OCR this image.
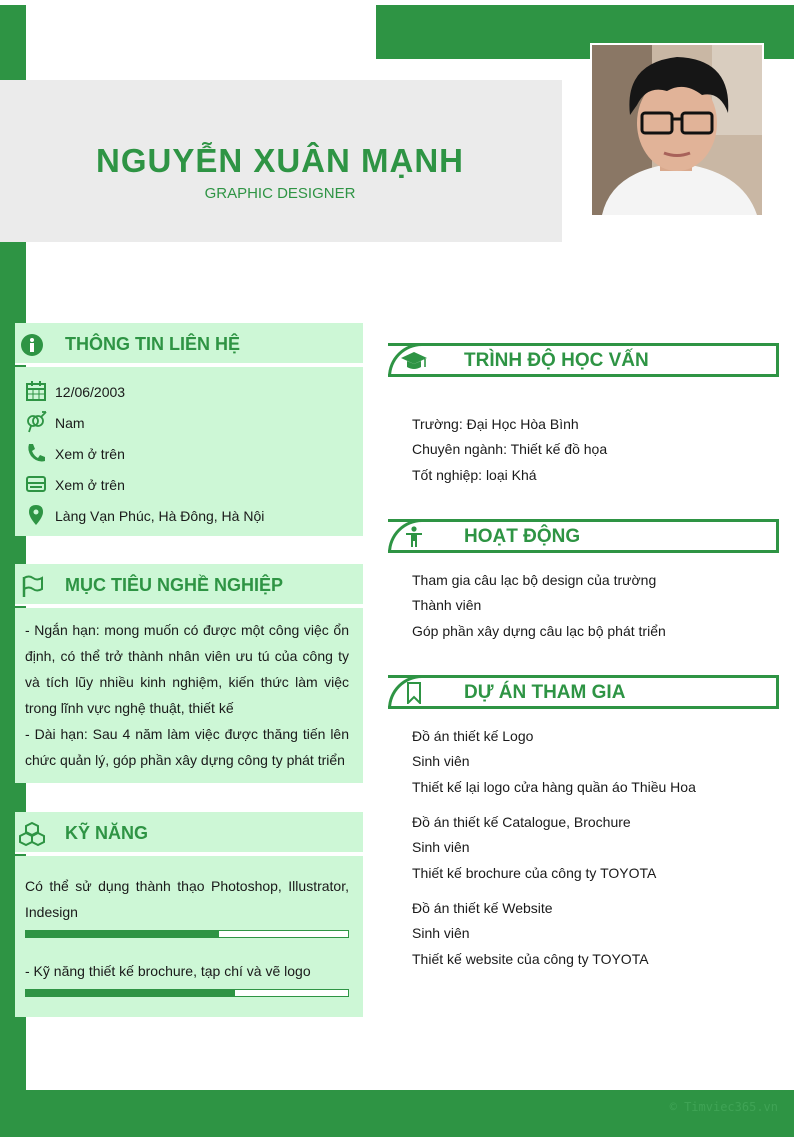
© Timviec365.vn
NGUYỄN XUÂN MẠNH
GRAPHIC DESIGNER
THÔNG TIN LIÊN HỆ
12/06/2003
Nam
Xem ở trên
Xem ở trên
Làng Vạn Phúc, Hà Đông, Hà Nội
MỤC TIÊU NGHỀ NGHIỆP
- Ngắn hạn: mong muốn có được một công việc ổn định, có thể trở thành nhân viên ưu tú của công ty và tích lũy nhiều kinh nghiệm, kiến thức làm việc trong lĩnh vực nghệ thuật, thiết kế
- Dài hạn: Sau 4 năm làm việc được thăng tiến lên chức quản lý, góp phần xây dựng công ty phát triển
KỸ NĂNG
Có thể sử dụng thành thạo Photoshop, Illustrator, Indesign
- Kỹ năng thiết kế brochure, tạp chí và vẽ logo
TRÌNH ĐỘ HỌC VẤN
Trường: Đại Học Hòa Bình
Chuyên ngành: Thiết kế đồ họa
Tốt nghiệp: loại Khá
HOẠT ĐỘNG
Tham gia câu lạc bộ design của trường
Thành viên
Góp phần xây dựng câu lạc bộ phát triển
DỰ ÁN THAM GIA
Đồ án thiết kế Logo
Sinh viên
Thiết kế lại logo cửa hàng quần áo Thiều Hoa
Đồ án thiết kế Catalogue, Brochure
Sinh viên
Thiết kế brochure của công ty TOYOTA
Đồ án thiết kế Website
Sinh viên
Thiết kế website của công ty TOYOTA
